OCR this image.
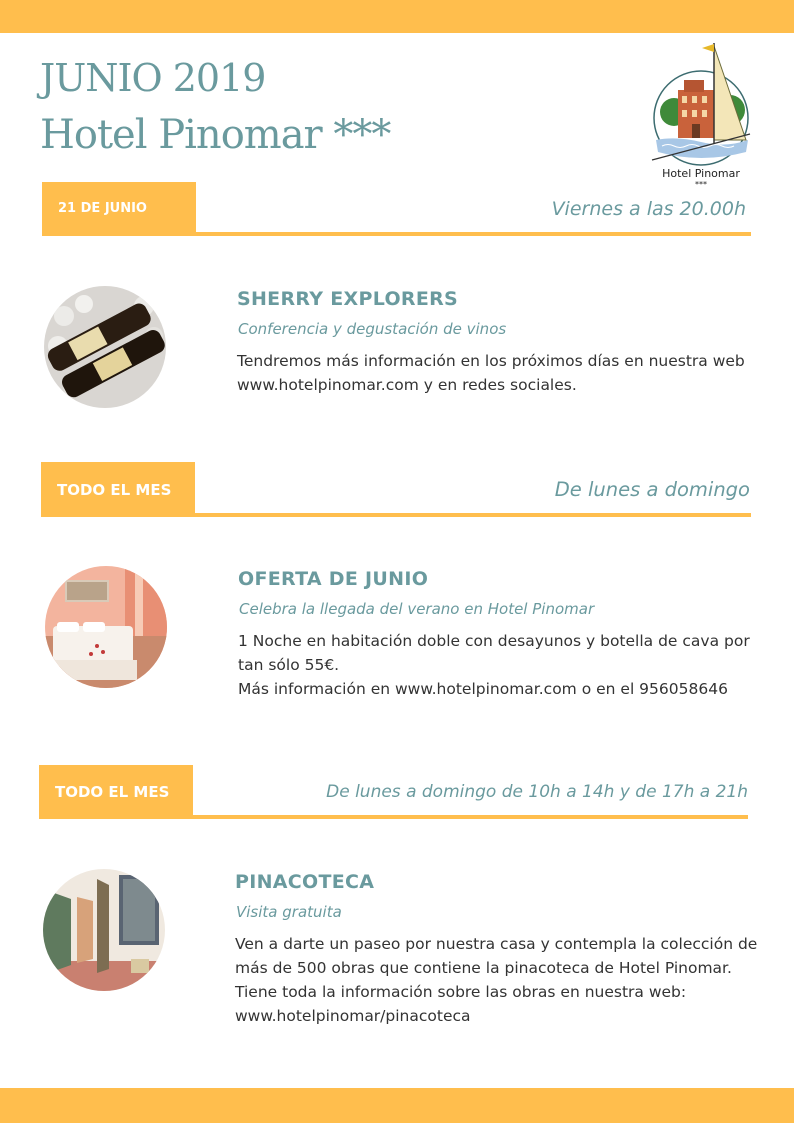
JUNIO 2019
Hotel Pinomar ***
Hotel Pinomar
***
21 DE JUNIO	Viernes a las 20.00h
SHERRY EXPLORERS

Conferencia y degustación de vinos

Tendremos más información en los próximos días en nuestra web
www.hotelpinomar.com y en redes sociales.
TODO EL MES	De lunes a domingo
OFERTA DE JUNIO

Celebra la llegada del verano en Hotel Pinomar

1 Noche en habitación doble con desayunos y botella de cava por
tan sólo 55€.
Más información en www.hotelpinomar.com o en el 956058646
TODO EL MES	De lunes a domingo de 10h a 14h y de 17h a 21h
PINACOTECA

Visita gratuita

Ven a darte un paseo por nuestra casa y contempla la colección de
más de 500 obras que contiene la pinacoteca de Hotel Pinomar.
Tiene toda la información sobre las obras en nuestra web:
www.hotelpinomar/pinacoteca
